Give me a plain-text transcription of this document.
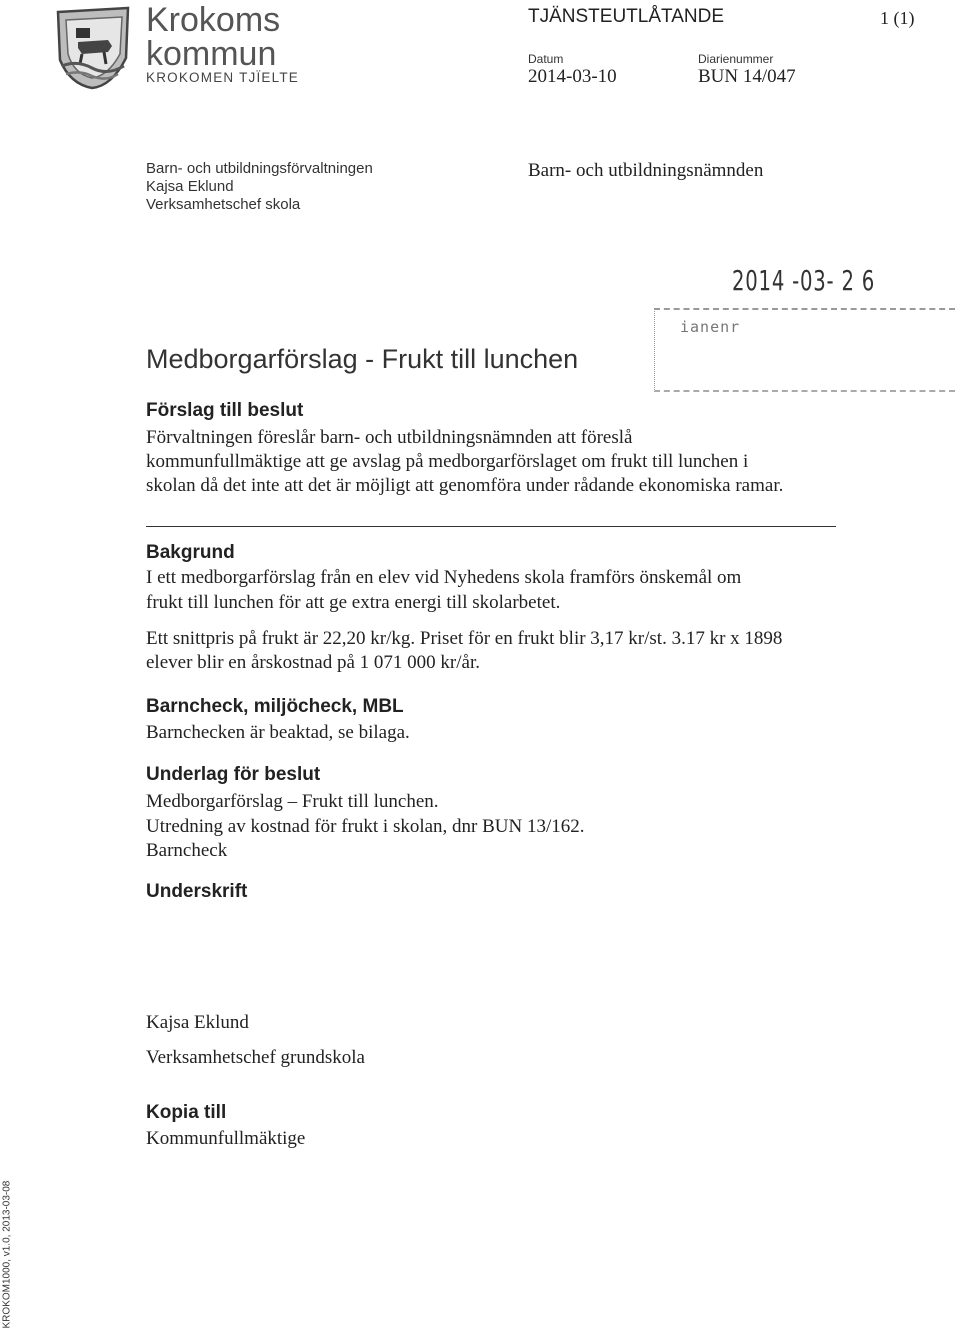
Krokoms
kommun
KROKOMEN TJÏELTE
TJÄNSTEUTLÅTANDE	1 (1)
Datum
2014-03-10
Diarienummer
BUN 14/047
Barn- och utbildningsförvaltningen
Kajsa Eklund
Verksamhetschef skola
Barn- och utbildningsnämnden
2014 -03- 2 6
ianenr
Medborgarförslag - Frukt till lunchen
Förslag till beslut
Förvaltningen föreslår barn- och utbildningsnämnden att föreslå
kommunfullmäktige att ge avslag på medborgarförslaget om frukt till lunchen i
skolan då det inte att det är möjligt att genomföra under rådande ekonomiska ramar.
Bakgrund
I ett medborgarförslag från en elev vid Nyhedens skola framförs önskemål om
frukt till lunchen för att ge extra energi till skolarbetet.
Ett snittpris på frukt är 22,20 kr/kg. Priset för en frukt blir 3,17 kr/st. 3.17 kr x 1898
elever blir en årskostnad på 1 071 000 kr/år.
Barncheck, miljöcheck, MBL
Barnchecken är beaktad, se bilaga.
Underlag för beslut
Medborgarförslag – Frukt till lunchen.
Utredning av kostnad för frukt i skolan, dnr BUN 13/162.
Barncheck
Underskrift
Kajsa Eklund
Verksamhetschef grundskola
Kopia till
Kommunfullmäktige
KROKOM1000, v1.0, 2013-03-08
